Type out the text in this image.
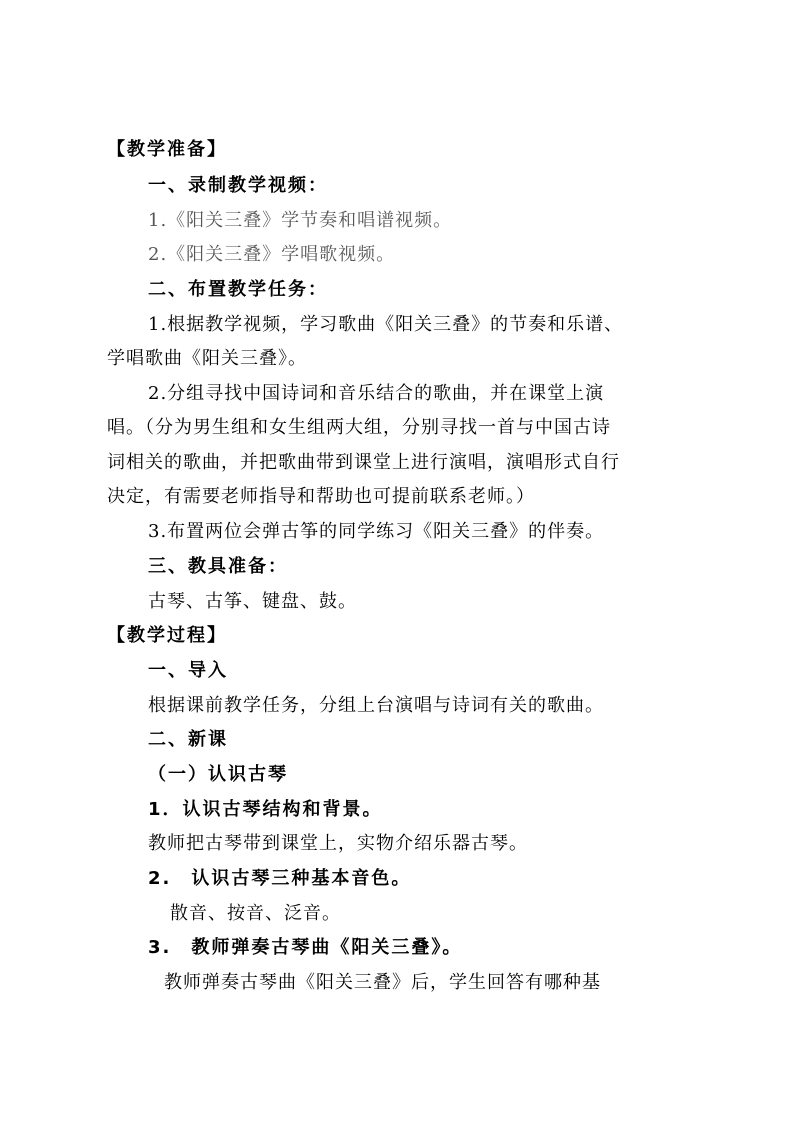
【教学准备】
一、录制教学视频：
1.《阳关三叠》学节奏和唱谱视频。
2.《阳关三叠》学唱歌视频。
二、布置教学任务：
1.根据教学视频，学习歌曲《阳关三叠》的节奏和乐谱、
学唱歌曲《阳关三叠》。
2.分组寻找中国诗词和音乐结合的歌曲，并在课堂上演
唱。（分为男生组和女生组两大组，分别寻找一首与中国古诗
词相关的歌曲，并把歌曲带到课堂上进行演唱，演唱形式自行
决定，有需要老师指导和帮助也可提前联系老师。）
3.布置两位会弹古筝的同学练习《阳关三叠》的伴奏。
三、教具准备：
古琴、古筝、键盘、鼓。
【教学过程】
一、导入
根据课前教学任务，分组上台演唱与诗词有关的歌曲。
二、新课
（一）认识古琴
1．认识古琴结构和背景。
教师把古琴带到课堂上，实物介绍乐器古琴。
2.　认识古琴三种基本音色。
散音、按音、泛音。
3.　教师弹奏古琴曲《阳关三叠》。
教师弹奏古琴曲《阳关三叠》后，学生回答有哪种基
